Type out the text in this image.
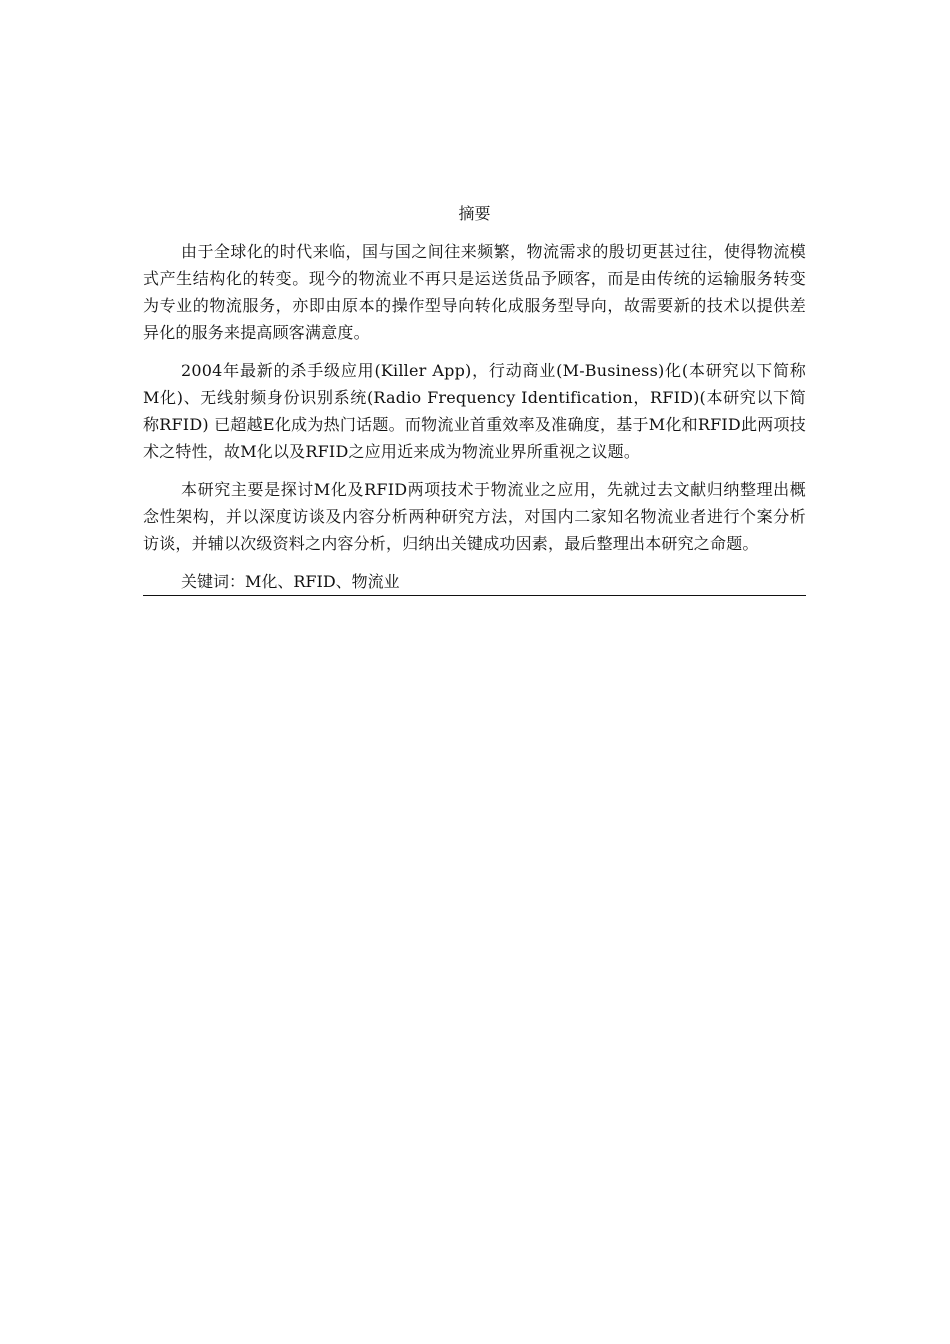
摘要

由于全球化的时代来临，国与国之间往来频繁，物流需求的殷切更甚过往，使得物流模式产生结构化的转变。现今的物流业不再只是运送货品予顾客，而是由传统的运输服务转变为专业的物流服务，亦即由原本的操作型导向转化成服务型导向，故需要新的技术以提供差异化的服务来提高顾客满意度。

2004年最新的杀手级应用(Killer App)，行动商业(M-Business)化(本研究以下简称M化)、无线射频身份识别系统(Radio Frequency Identification，RFID)(本研究以下简称RFID) 已超越E化成为热门话题。而物流业首重效率及准确度，基于M化和RFID此两项技术之特性，故M化以及RFID之应用近来成为物流业界所重视之议题。

本研究主要是探讨M化及RFID两项技术于物流业之应用，先就过去文献归纳整理出概念性架构，并以深度访谈及内容分析两种研究方法，对国内二家知名物流业者进行个案分析访谈，并辅以次级资料之内容分析，归纳出关键成功因素，最后整理出本研究之命题。

关键词：M化、RFID、物流业
